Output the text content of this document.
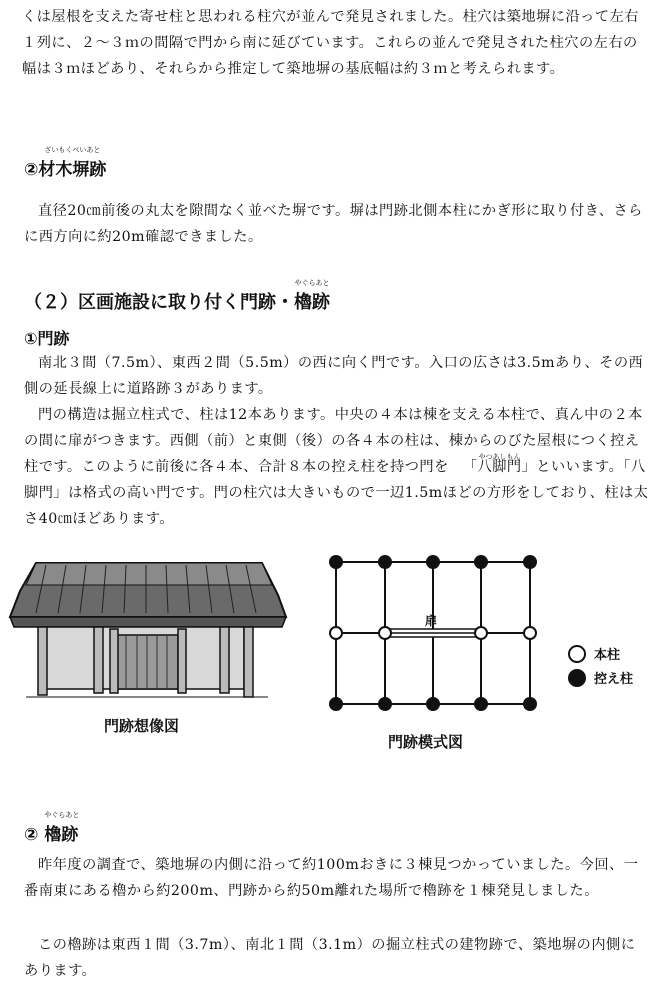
くは屋根を支えた寄せ柱と思われる柱穴が並んで発見されました。柱穴は築地塀に沿って左右１列に、２～３ｍの間隔で門から南に延びています。これらの並んで発見された柱穴の左右の幅は３ｍほどあり、それらから推定して築地塀の基底幅は約３ｍと考えられます。

②
ざいもくべいあと
材木塀跡

直径20㎝前後の丸太を隙間なく並べた塀です。塀は門跡北側本柱にかぎ形に取り付き、さらに西方向に約20m確認できました。

（２）区画施設に取り付く門跡・
やぐらあと
櫓跡
①門跡

南北３間（7.5m）、東西２間（5.5m）の西に向く門です。入口の広さは3.5mあり、その西側の延長線上に道路跡３があります。

門の構造は掘立柱式で、柱は12本あります。中央の４本は棟を支える本柱で、真ん中の２本の間に扉がつきます。西側（前）と東側（後）の各４本の柱は、棟からのびた屋根につく控え柱です。このように前後に各４本、合計８本の控え柱を持つ門を
やつあしもん
「八脚門」といいます。「八脚門」は格式の高い門です。門の柱穴は大きいもので一辺1.5mほどの方形をしており、柱は太さ40㎝ほどあります。

門跡想像図
扉
門跡模式図
本柱
控え柱
②
やぐらあと
櫓跡

昨年度の調査で、築地塀の内側に沿って約100mおきに３棟見つかっていました。今回、一番南東にある櫓から約200m、門跡から約50m離れた場所で櫓跡を１棟発見しました。

この櫓跡は東西１間（3.7m）、南北１間（3.1m）の掘立柱式の建物跡で、築地塀の内側にあります。
